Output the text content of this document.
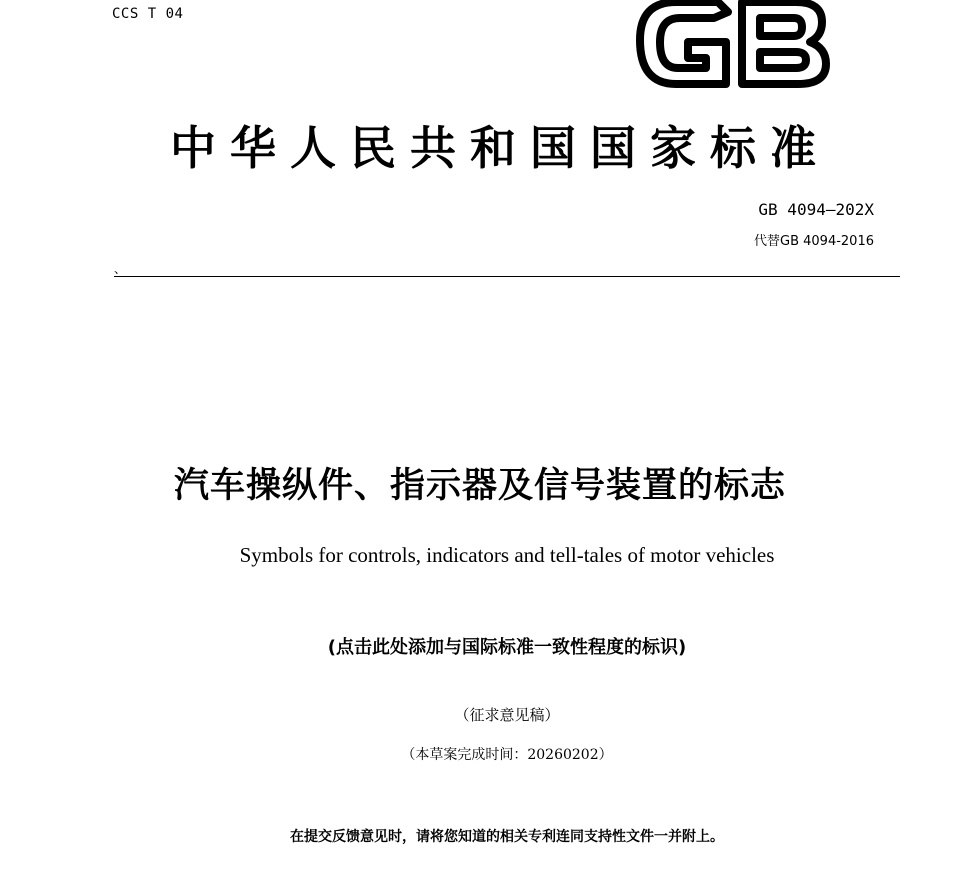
CCS T 04
中华人民共和国国家标准
GB 4094—202X
代替GB 4094-2016
、
汽车操纵件、指示器及信号装置的标志
Symbols for controls, indicators and tell-tales of motor vehicles
(点击此处添加与国际标准一致性程度的标识)
（征求意见稿）
（本草案完成时间：20260202）
在提交反馈意见时，请将您知道的相关专利连同支持性文件一并附上。
